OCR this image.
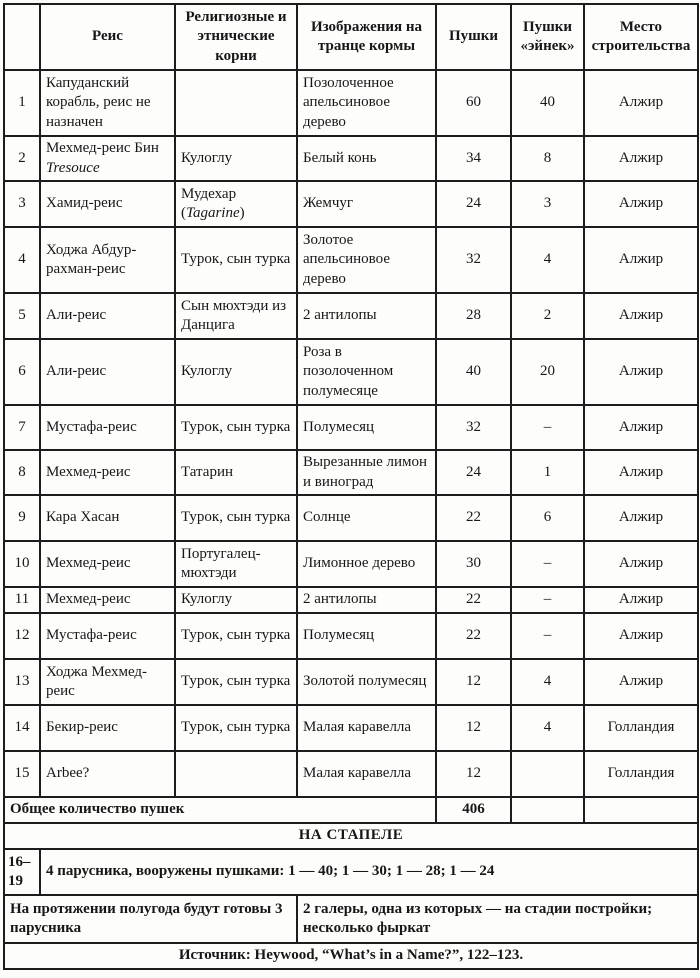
	Реис	Религиозные и этнические корни	Изображения на транце кормы	Пушки	Пушки «эйнек»	Место строительства
1	Капуданский корабль, реис не назначен		Позолоченное апельсиновое дерево	60	40	Алжир
2	Мехмед-реис Бин Tresouce	Кулоглу	Белый конь	34	8	Алжир
3	Хамид-реис	Мудехар (Tagarine)	Жемчуг	24	3	Алжир
4	Ходжа Абдур-рахман-реис	Турок, сын турка	Золотое апельсиновое дерево	32	4	Алжир
5	Али-реис	Сын мюхтэди из Данцига	2 антилопы	28	2	Алжир
6	Али-реис	Кулоглу	Роза в позолоченном полумесяце	40	20	Алжир
7	Мустафа-реис	Турок, сын турка	Полумесяц	32	–	Алжир
8	Мехмед-реис	Татарин	Вырезанные лимон и виноград	24	1	Алжир
9	Кара Хасан	Турок, сын турка	Солнце	22	6	Алжир
10	Мехмед-реис	Португалец-мюхтэди	Лимонное дерево	30	–	Алжир
11	Мехмед-реис	Кулоглу	2 антилопы	22	–	Алжир
12	Мустафа-реис	Турок, сын турка	Полумесяц	22	–	Алжир
13	Ходжа Мехмед-реис	Турок, сын турка	Золотой полумесяц	12	4	Алжир
14	Бекир-реис	Турок, сын турка	Малая каравелла	12	4	Голландия
15	Arbee?		Малая каравелла	12		Голландия
Общее количество пушек				406		
НА СТАПЕЛЕ						
16–19	4 парусника, вооружены пушками: 1 — 40; 1 — 30; 1 — 28; 1 — 24					
На протяжении полугода будут готовы 3 парусника			2 галеры, одна из которых — на стадии постройки; несколько фыркат			
Источник: Heywood, “What’s in a Name?”, 122–123.						
